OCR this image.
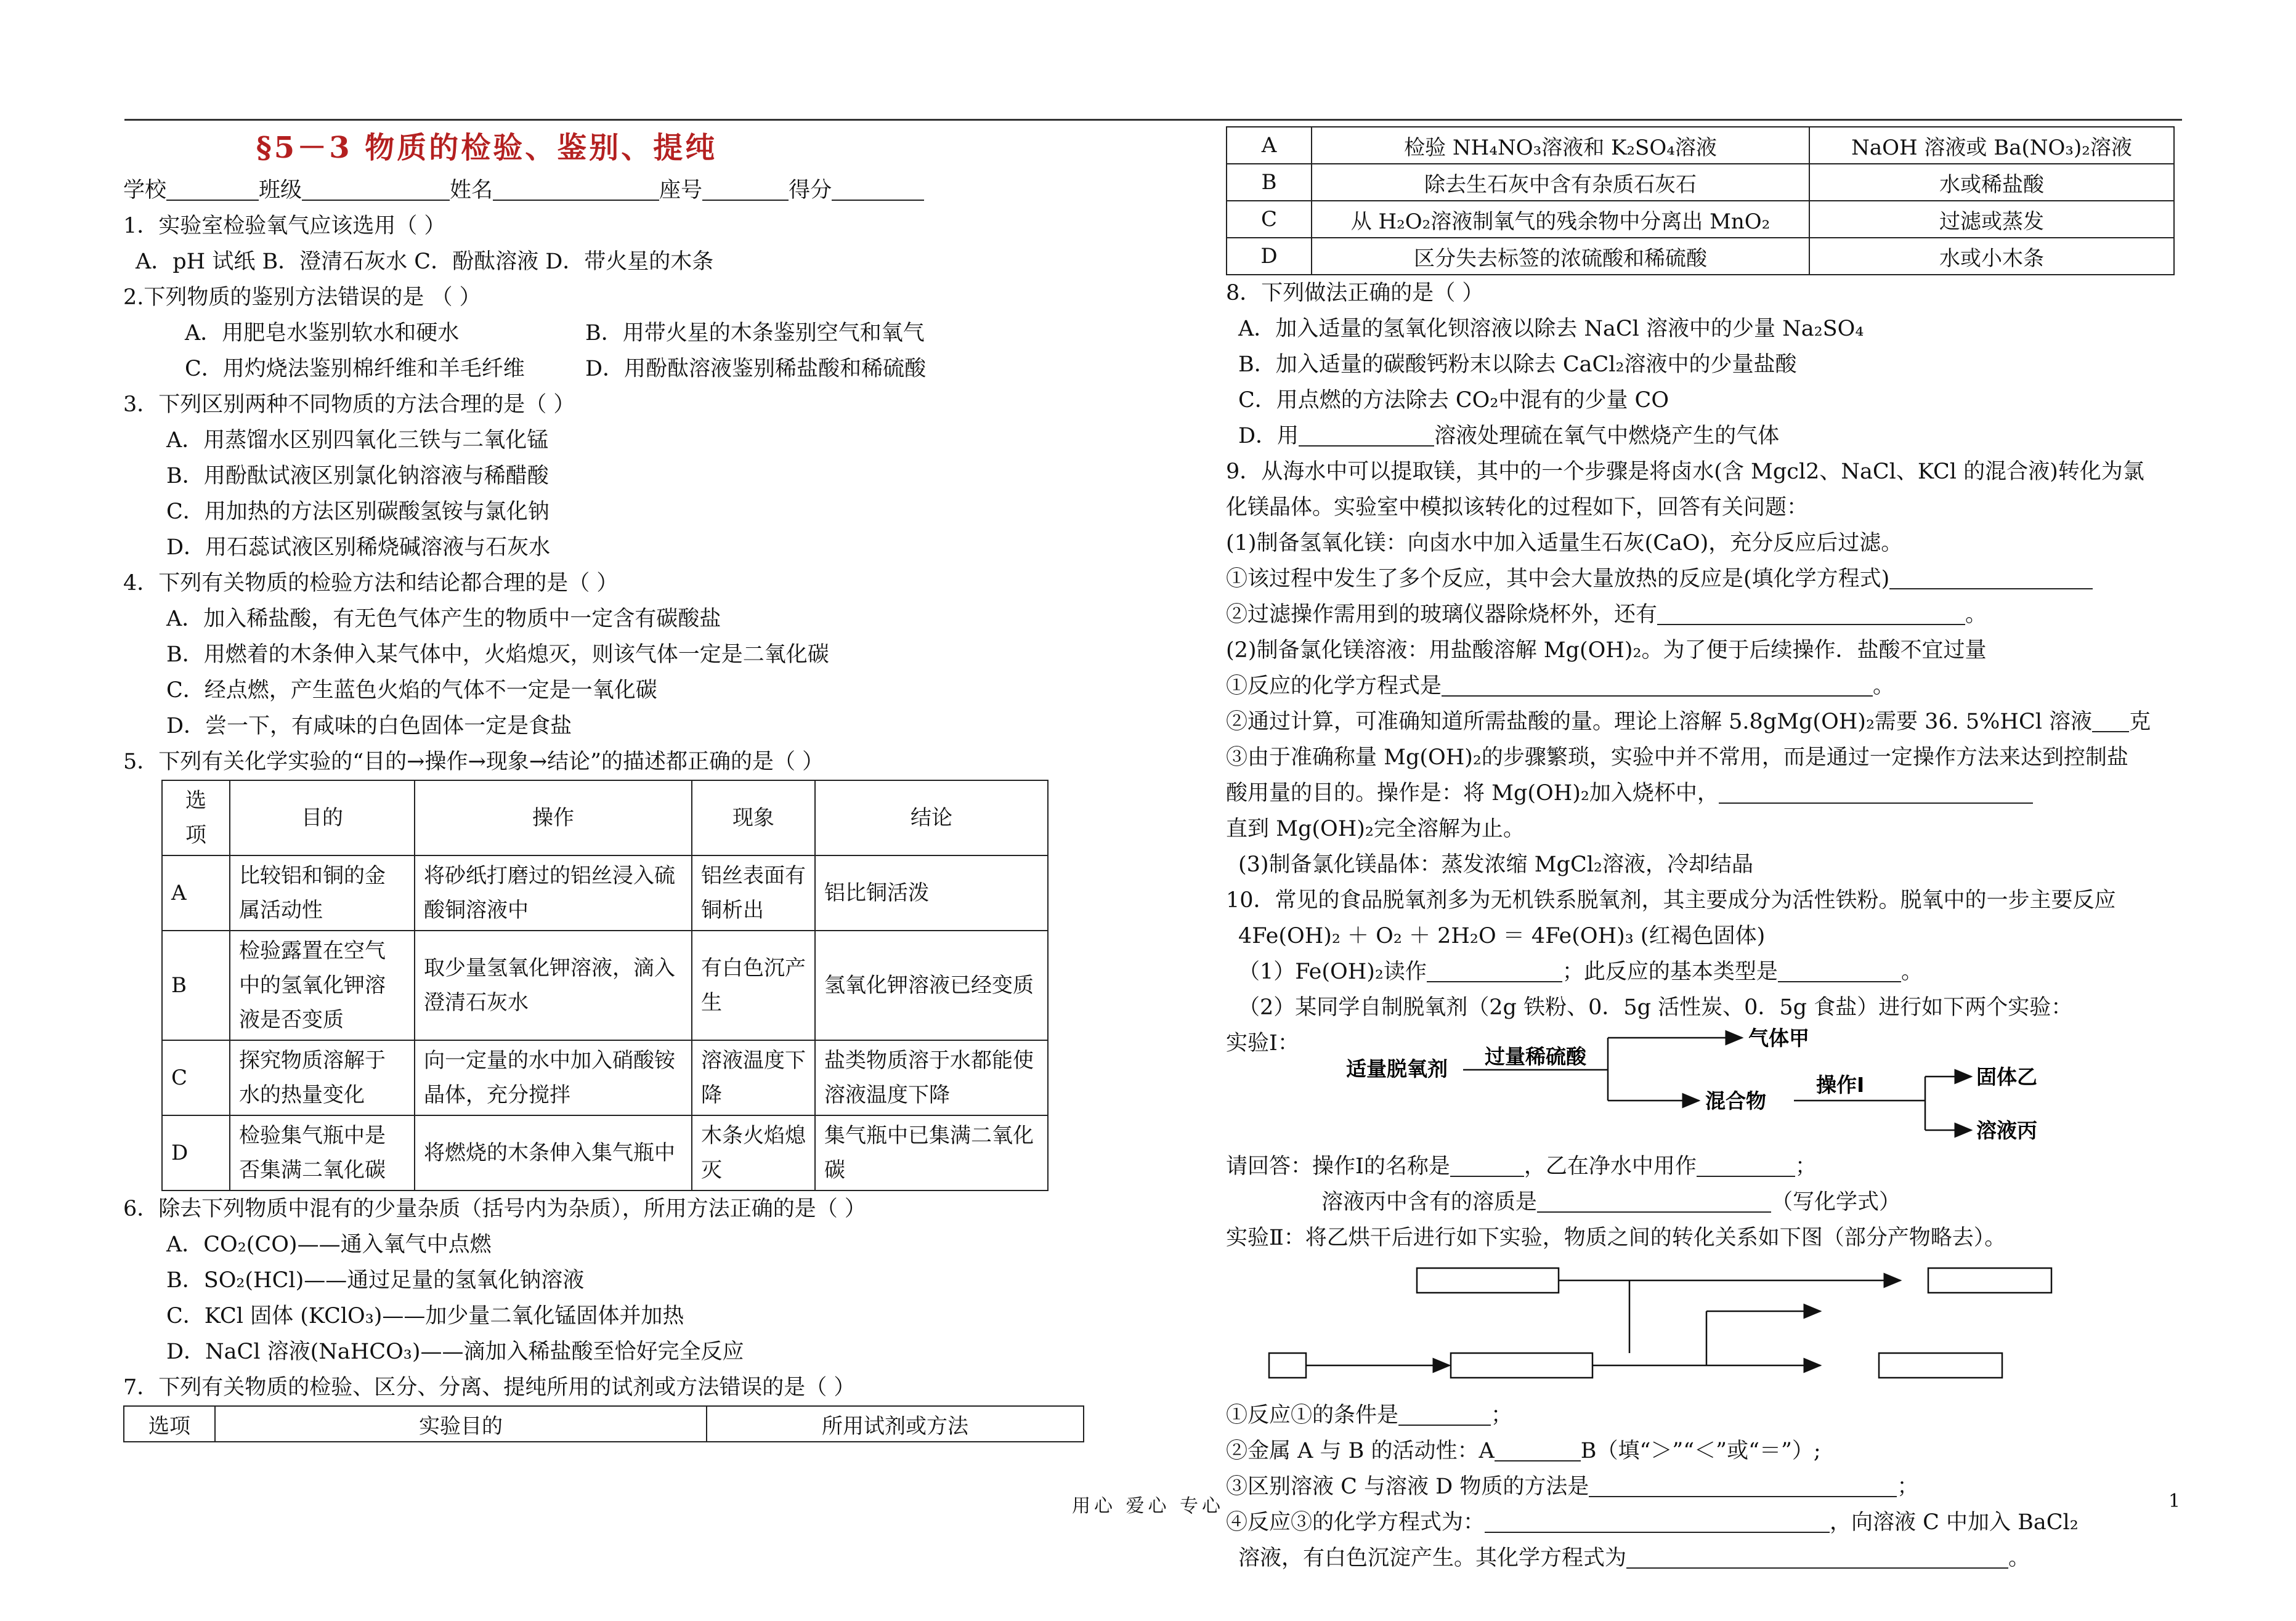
§5－3 物质的检验、鉴别、提纯
学校	班级	姓名	座号	得分
1．实验室检验氧气应该选用（ ）
A．pH 试纸 B．澄清石灰水 C．酚酞溶液 D．带火星的木条
2.下列物质的鉴别方法错误的是 （ ）
A．用肥皂水鉴别软水和硬水	B．用带火星的木条鉴别空气和氧气
C．用灼烧法鉴别棉纤维和羊毛纤维	D．用酚酞溶液鉴别稀盐酸和稀硫酸
3．下列区别两种不同物质的方法合理的是（ ）
A．用蒸馏水区别四氧化三铁与二氧化锰
B．用酚酞试液区别氯化钠溶液与稀醋酸
C．用加热的方法区别碳酸氢铵与氯化钠
D．用石蕊试液区别稀烧碱溶液与石灰水
4．下列有关物质的检验方法和结论都合理的是（ ）
A．加入稀盐酸，有无色气体产生的物质中一定含有碳酸盐
B．用燃着的木条伸入某气体中，火焰熄灭，则该气体一定是二氧化碳
C．经点燃，产生蓝色火焰的气体不一定是一氧化碳
D．尝一下，有咸味的白色固体一定是食盐
5．下列有关化学实验的“目的→操作→现象→结论”的描述都正确的是（ ）
选
项	目的	操作	现象	结论
A	比较铝和铜的金属活动性	将砂纸打磨过的铝丝浸入硫酸铜溶液中	铝丝表面有铜析出	铝比铜活泼
B	检验露置在空气中的氢氧化钾溶液是否变质	取少量氢氧化钾溶液，滴入澄清石灰水	有白色沉产生	氢氧化钾溶液已经变质
C	探究物质溶解于水的热量变化	向一定量的水中加入硝酸铵晶体，充分搅拌	溶液温度下降	盐类物质溶于水都能使溶液温度下降
D	检验集气瓶中是否集满二氧化碳	将燃烧的木条伸入集气瓶中	木条火焰熄灭	集气瓶中已集满二氧化碳
6．除去下列物质中混有的少量杂质（括号内为杂质），所用方法正确的是（ ）
A．CO₂(CO)——通入氧气中点燃
B．SO₂(HCl)——通过足量的氢氧化钠溶液
C．KCl 固体 (KClO₃)——加少量二氧化锰固体并加热
D．NaCl 溶液(NaHCO₃)——滴加入稀盐酸至恰好完全反应
7．下列有关物质的检验、区分、分离、提纯所用的试剂或方法错误的是（ ）
选项	实验目的	所用试剂或方法
A	检验 NH₄NO₃溶液和 K₂SO₄溶液	NaOH 溶液或 Ba(NO₃)₂溶液
B	除去生石灰中含有杂质石灰石	水或稀盐酸
C	从 H₂O₂溶液制氧气的残余物中分离出 MnO₂	过滤或蒸发
D	区分失去标签的浓硫酸和稀硫酸	水或小木条
8．下列做法正确的是（ ）
A．加入适量的氢氧化钡溶液以除去 NaCl 溶液中的少量 Na₂SO₄
B．加入适量的碳酸钙粉末以除去 CaCl₂溶液中的少量盐酸
C．用点燃的方法除去 CO₂中混有的少量 CO
D．用	溶液处理硫在氧气中燃烧产生的气体
9．从海水中可以提取镁，其中的一个步骤是将卤水(含 Mgcl2、NaCl、KCl 的混合液)转化为氯
化镁晶体。实验室中模拟该转化的过程如下，回答有关问题：
(1)制备氢氧化镁：向卤水中加入适量生石灰(CaO)，充分反应后过滤。
①该过程中发生了多个反应，其中会大量放热的反应是(填化学方程式)
②过滤操作需用到的玻璃仪器除烧杯外，还有	。
(2)制备氯化镁溶液：用盐酸溶解 Mg(OH)₂。为了便于后续操作．盐酸不宜过量
①反应的化学方程式是	。
②通过计算，可准确知道所需盐酸的量。理论上溶解 5.8gMg(OH)₂需要 36. 5%HCl 溶液 克
③由于准确称量 Mg(OH)₂的步骤繁琐，实验中并不常用，而是通过一定操作方法来达到控制盐
酸用量的目的。操作是：将 Mg(OH)₂加入烧杯中，
直到 Mg(OH)₂完全溶解为止。
(3)制备氯化镁晶体：蒸发浓缩 MgCl₂溶液，冷却结晶
10．常见的食品脱氧剂多为无机铁系脱氧剂，其主要成分为活性铁粉。脱氧中的一步主要反应
4Fe(OH)₂ ＋ O₂ ＋ 2H₂O ＝ 4Fe(OH)₃ (红褐色固体)
（1）Fe(OH)₂读作	；此反应的基本类型是	。
（2）某同学自制脱氧剂（2g 铁粉、0．5g 活性炭、0．5g 食盐）进行如下两个实验：
实验Ⅰ：
适量脱氧剂
过量稀硫酸
气体甲
混合物
操作Ⅰ	固体乙
溶液丙
请回答：操作Ⅰ的名称是	，乙在净水中用作	；
溶液丙中含有的溶质是	（写化学式）
实验Ⅱ：将乙烘干后进行如下实验，物质之间的转化关系如下图（部分产物略去）。
①反应①的条件是	；
②金属 A 与 B 的活动性：A	B（填“＞”“＜”或“＝”）;
③区别溶液 C 与溶液 D 物质的方法是	；
④反应③的化学方程式为：	，向溶液 C 中加入 BaCl₂
溶液，有白色沉淀产生。其化学方程式为	。
用心 爱心 专心	1
